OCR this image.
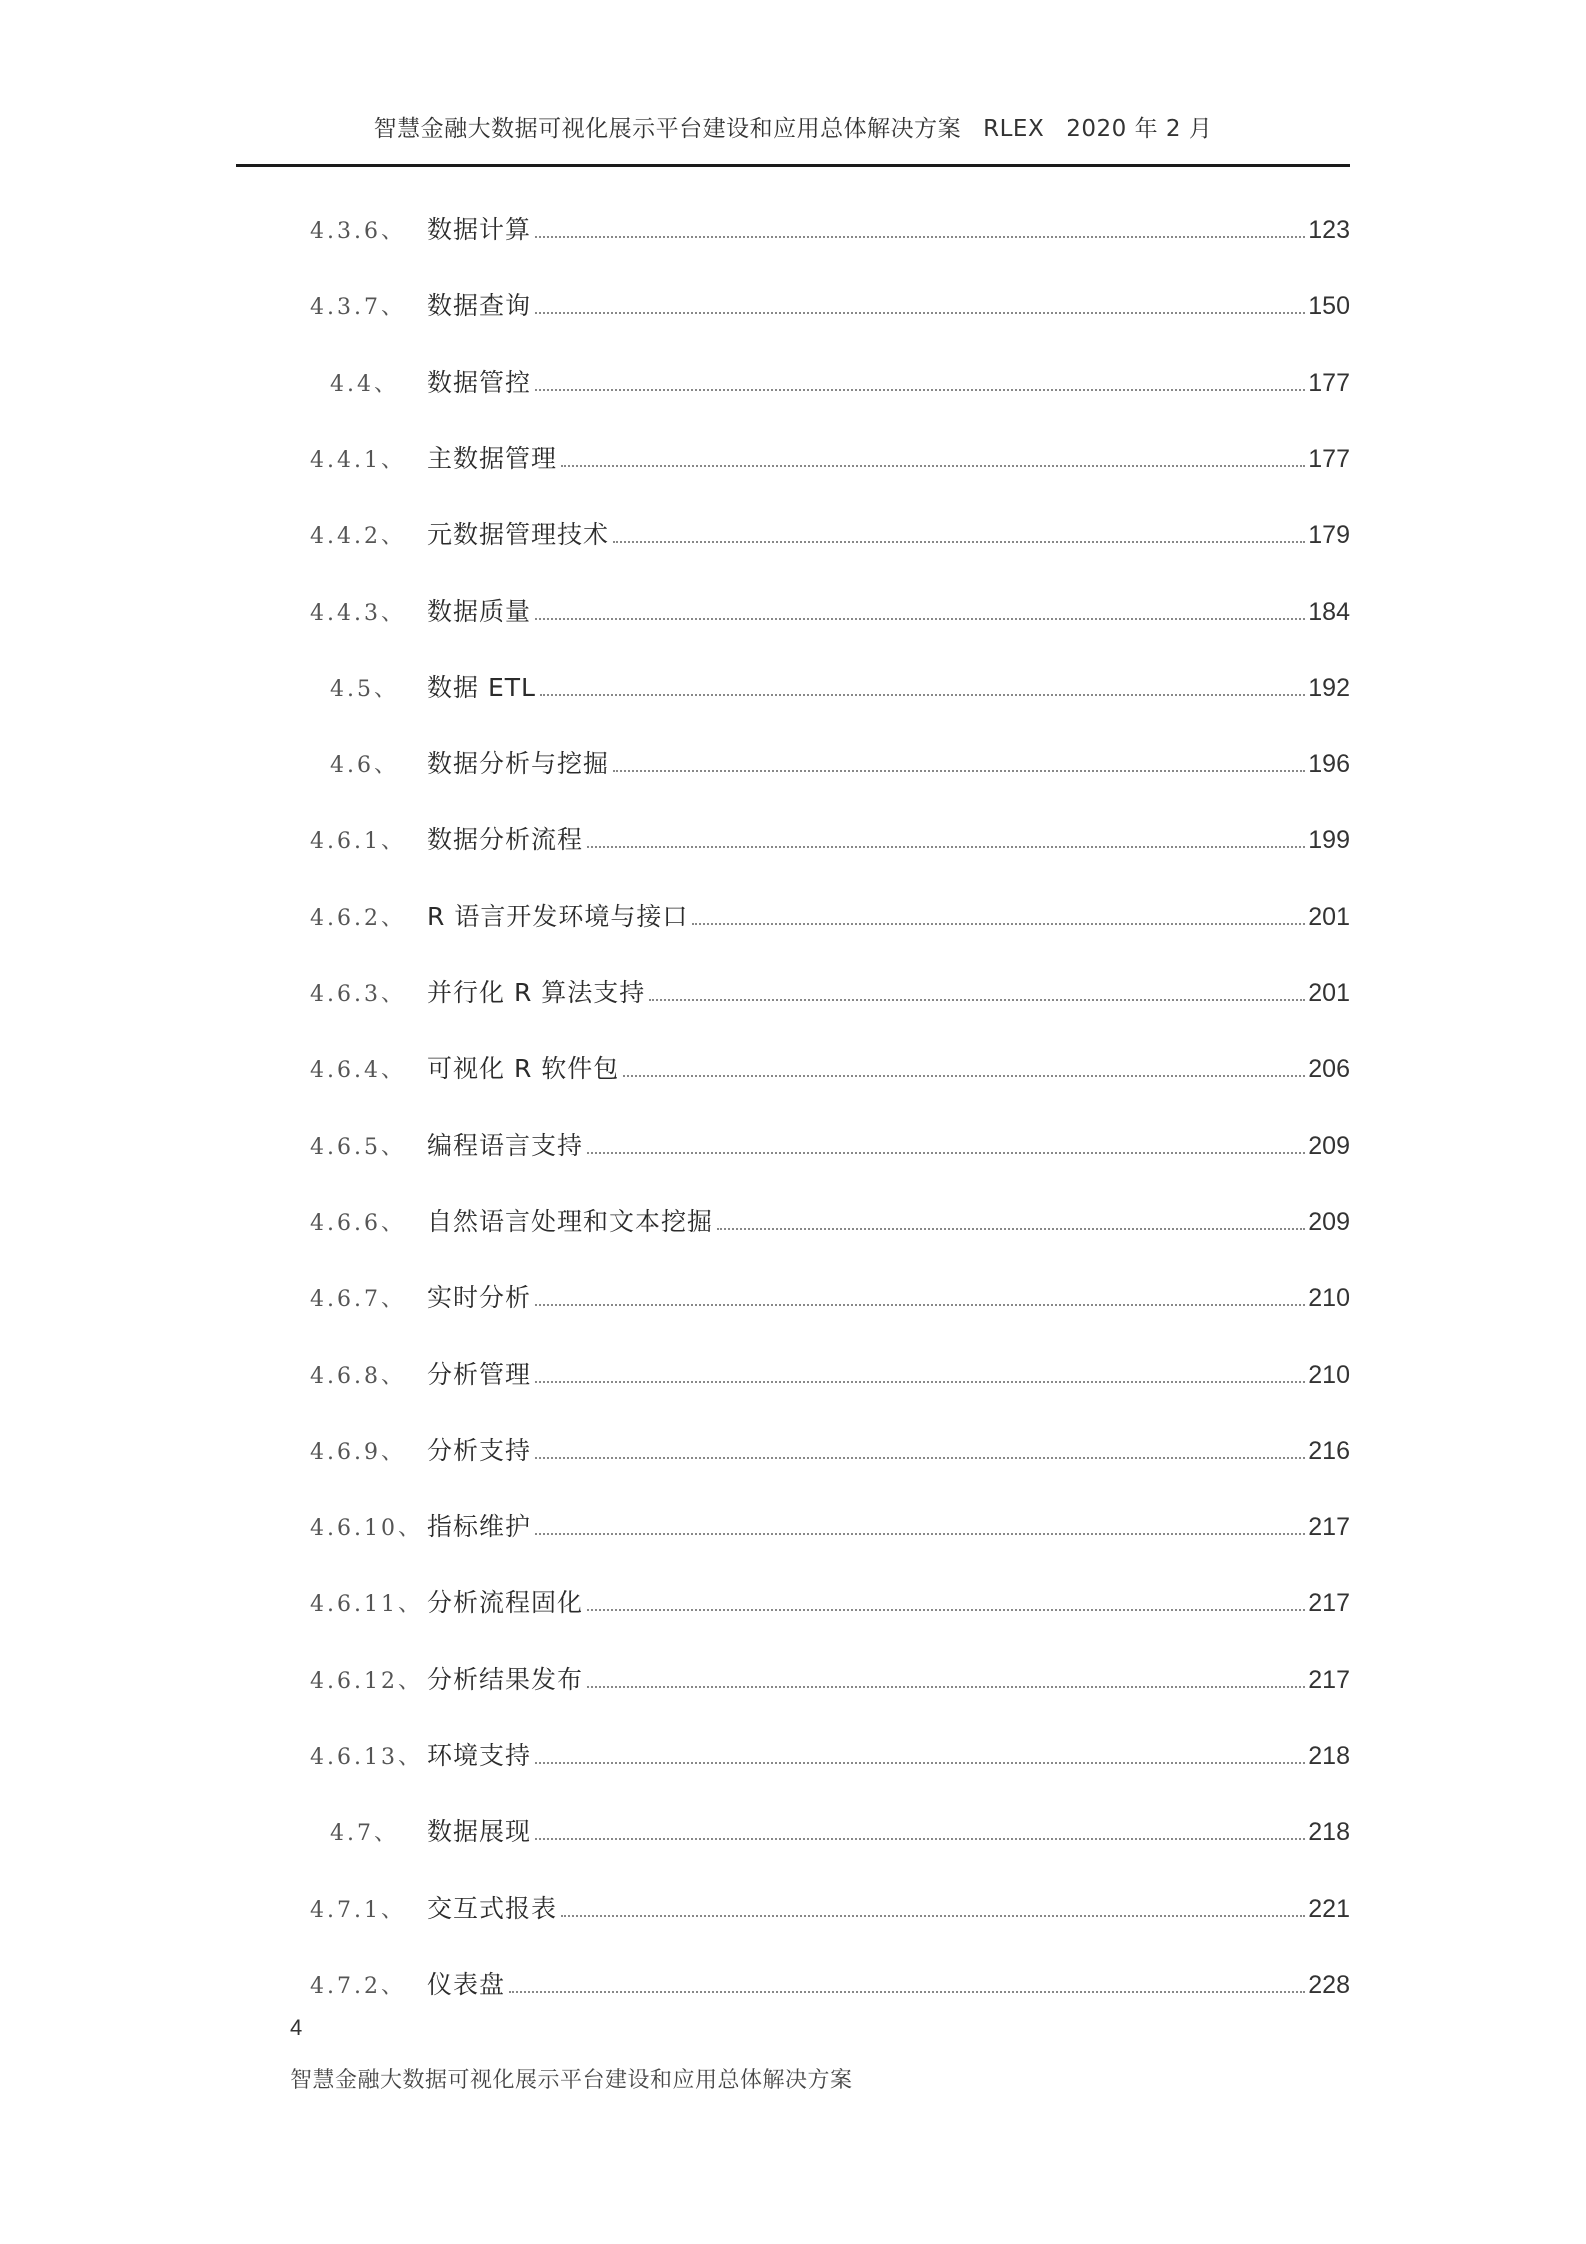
智慧金融大数据可视化展示平台建设和应用总体解决方案 RLEX 2020 年 2 月
4.3.6、 数据计算	123
4.3.7、 数据查询	150
4.4、	数据管控	177
4.4.1、 主数据管理	177
4.4.2、 元数据管理技术	179
4.4.3、 数据质量	184
4.5、	数据 ETL	192
4.6、	数据分析与挖掘	196
4.6.1、 数据分析流程	199
4.6.2、 R 语言开发环境与接口	201
4.6.3、 并行化 R 算法支持	201
4.6.4、 可视化 R 软件包	206
4.6.5、 编程语言支持	209
4.6.6、 自然语言处理和文本挖掘	209
4.6.7、 实时分析	210
4.6.8、 分析管理	210
4.6.9、 分析支持	216
4.6.10、 指标维护	217
4.6.11、 分析流程固化	217
4.6.12、 分析结果发布	217
4.6.13、 环境支持	218
4.7、	数据展现	218
4.7.1、 交互式报表	221
4.7.2、 仪表盘	228
4
智慧金融大数据可视化展示平台建设和应用总体解决方案
